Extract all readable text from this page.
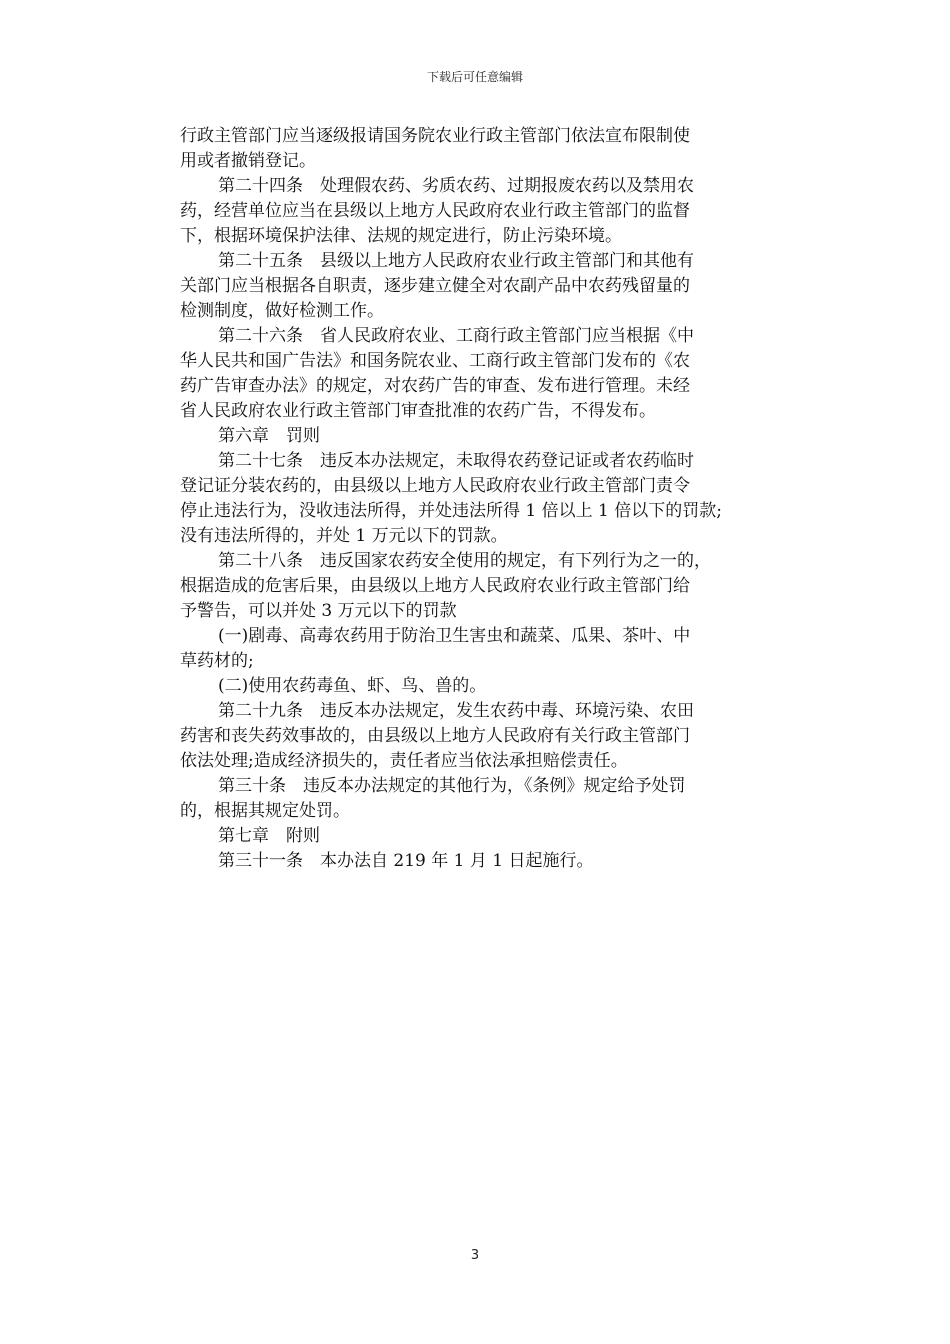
下载后可任意编辑
行政主管部门应当逐级报请国务院农业行政主管部门依法宣布限制使
用或者撤销登记。
第二十四条　处理假农药、劣质农药、过期报废农药以及禁用农
药，经营单位应当在县级以上地方人民政府农业行政主管部门的监督
下，根据环境保护法律、法规的规定进行，防止污染环境。
第二十五条　县级以上地方人民政府农业行政主管部门和其他有
关部门应当根据各自职责，逐步建立健全对农副产品中农药残留量的
检测制度，做好检测工作。
第二十六条　省人民政府农业、工商行政主管部门应当根据《中
华人民共和国广告法》和国务院农业、工商行政主管部门发布的《农
药广告审查办法》的规定，对农药广告的审查、发布进行管理。未经
省人民政府农业行政主管部门审查批准的农药广告，不得发布。
第六章　罚则
第二十七条　违反本办法规定，未取得农药登记证或者农药临时
登记证分装农药的，由县级以上地方人民政府农业行政主管部门责令
停止违法行为，没收违法所得，并处违法所得 1 倍以上 1 倍以下的罚款;
没有违法所得的，并处 1 万元以下的罚款。
第二十八条　违反国家农药安全使用的规定，有下列行为之一的，
根据造成的危害后果，由县级以上地方人民政府农业行政主管部门给
予警告，可以并处 3 万元以下的罚款
(一)剧毒、高毒农药用于防治卫生害虫和蔬菜、瓜果、茶叶、中
草药材的;
(二)使用农药毒鱼、虾、鸟、兽的。
第二十九条　违反本办法规定，发生农药中毒、环境污染、农田
药害和丧失药效事故的，由县级以上地方人民政府有关行政主管部门
依法处理;造成经济损失的，责任者应当依法承担赔偿责任。
第三十条　违反本办法规定的其他行为，《条例》规定给予处罚
的，根据其规定处罚。
第七章　附则
第三十一条　本办法自 219 年 1 月 1 日起施行。
3
